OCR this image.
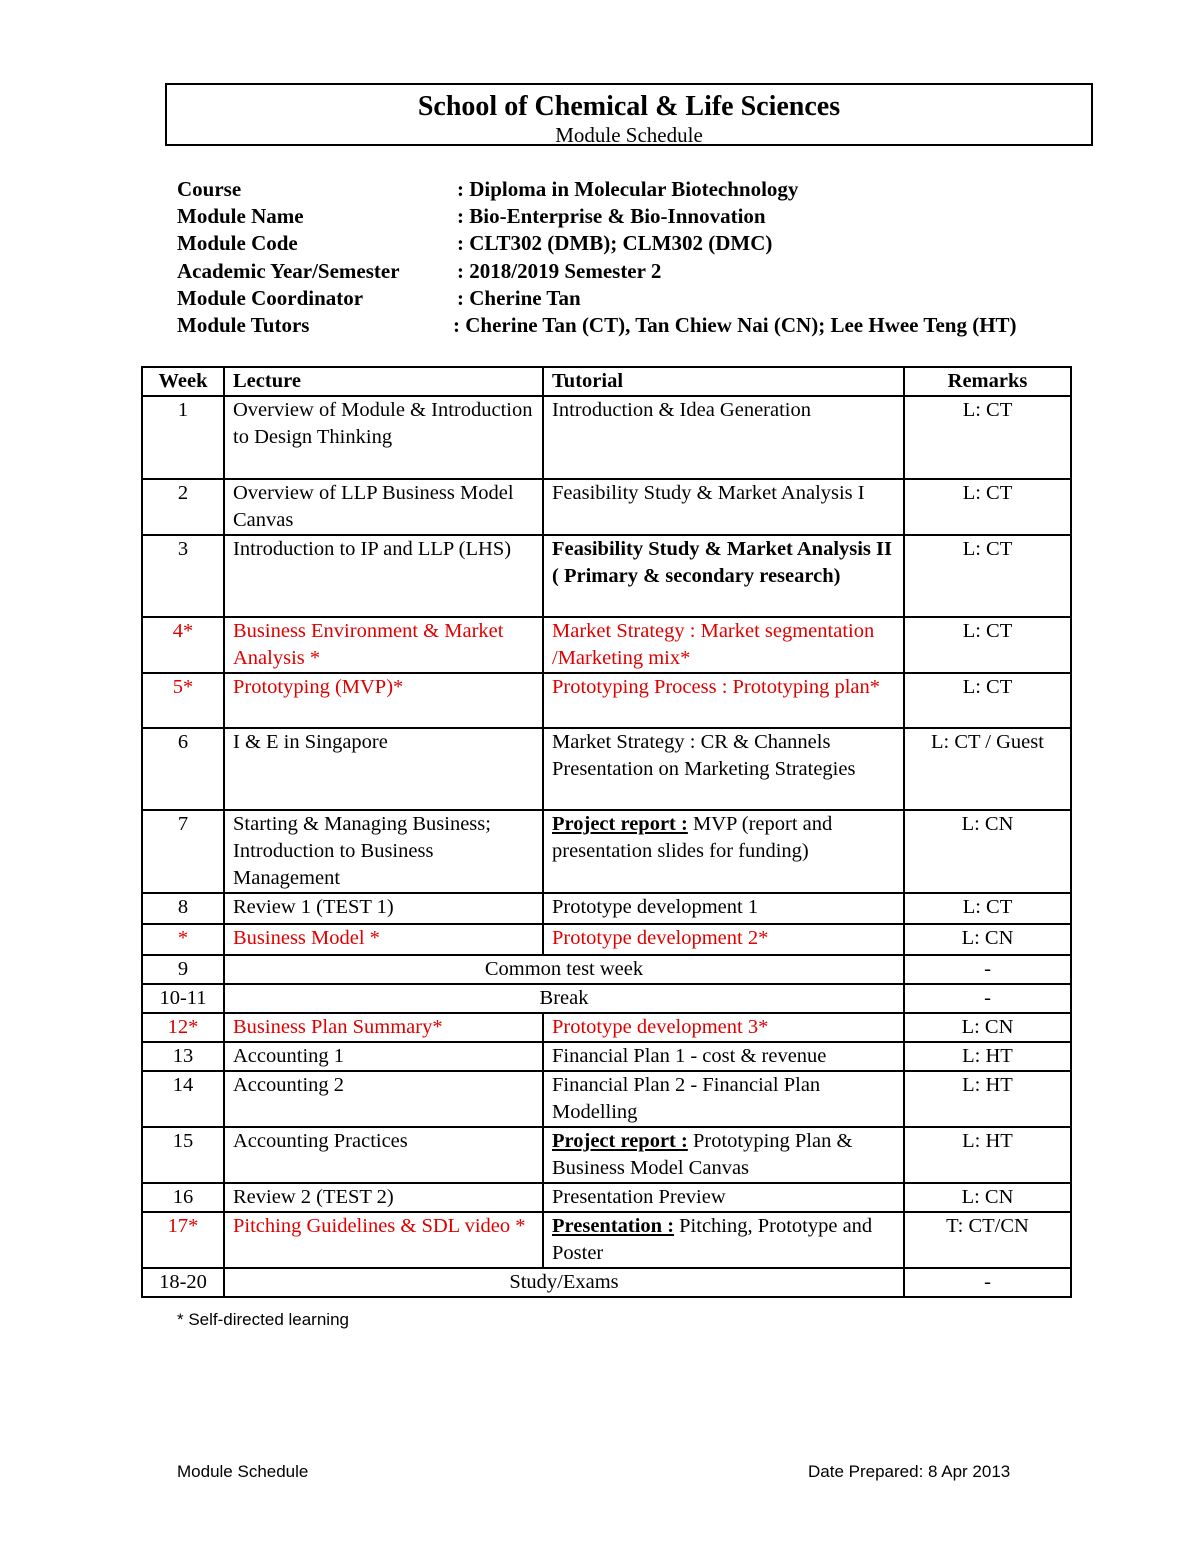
School of Chemical & Life Sciences
Module Schedule
Course	: Diploma in Molecular Biotechnology
Module Name	: Bio-Enterprise & Bio-Innovation
Module Code	: CLT302 (DMB); CLM302 (DMC)
Academic Year/Semester	: 2018/2019 Semester 2
Module Coordinator	: Cherine Tan
Module Tutors	: Cherine Tan (CT), Tan Chiew Nai (CN); Lee Hwee Teng (HT)
Week	Lecture	Tutorial	Remarks
1	Overview of Module & Introduction to Design Thinking	Introduction & Idea Generation	L: CT
2	Overview of LLP Business Model Canvas	Feasibility Study & Market Analysis I	L: CT
3	Introduction to IP and LLP (LHS)	Feasibility Study & Market Analysis II ( Primary & secondary research)	L: CT
4*	Business Environment & Market Analysis *	Market Strategy : Market segmentation /Marketing mix*	L: CT
5*	Prototyping (MVP)*	Prototyping Process : Prototyping plan*	L: CT
6	I & E in Singapore	Market Strategy : CR & Channels Presentation on Marketing Strategies	L: CT / Guest
7	Starting & Managing Business; Introduction to Business Management	Project report : MVP (report and presentation slides for funding)	L: CN
8	Review 1 (TEST 1)	Prototype development 1	L: CT
*	Business Model *	Prototype development 2*	L: CN
9	Common test week		-
10-11	Break		-
12*	Business Plan Summary*	Prototype development 3*	L: CN
13	Accounting 1	Financial Plan 1 - cost & revenue	L: HT
14	Accounting 2	Financial Plan 2 - Financial Plan Modelling	L: HT
15	Accounting Practices	Project report : Prototyping Plan & Business Model Canvas	L: HT
16	Review 2 (TEST 2)	Presentation Preview	L: CN
17*	Pitching Guidelines & SDL video *	Presentation : Pitching, Prototype and Poster	T: CT/CN
18-20	Study/Exams		-
* Self-directed learning
Module Schedule	Date Prepared: 8 Apr 2013
